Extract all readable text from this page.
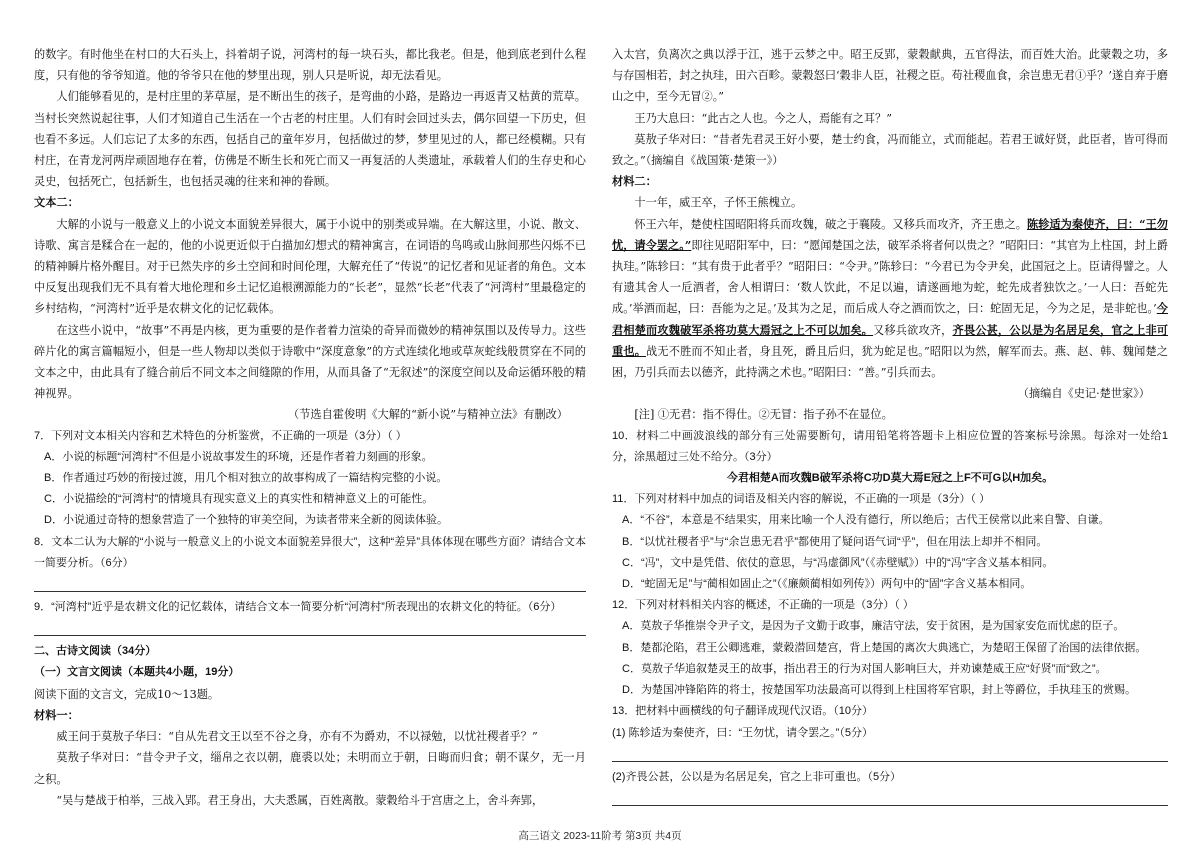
的数字。有时他坐在村口的大石头上，抖着胡子说，河湾村的每一块石头，都比我老。但是，他到底老到什么程度，只有他的爷爷知道。他的爷爷只在他的梦里出现，别人只是听说，却无法看见。

人们能够看见的，是村庄里的茅草屋，是不断出生的孩子，是弯曲的小路，是路边一再返青又枯黄的荒草。当村长突然说起往事，人们才知道自己生活在一个古老的村庄里。人们有时会回过头去，偶尔回望一下历史，但也看不多远。人们忘记了太多的东西，包括自己的童年岁月，包括做过的梦，梦里见过的人，都已经模糊。只有村庄，在青龙河两岸顽固地存在着，仿佛是不断生长和死亡而又一再复活的人类遗址，承载着人们的生存史和心灵史，包括死亡，包括新生，也包括灵魂的往来和神的眷顾。

文本二：

大解的小说与一般意义上的小说文本面貌差异很大，属于小说中的别类或异端。在大解这里，小说、散文、诗歌、寓言是糅合在一起的，他的小说更近似于白描加幻想式的精神寓言，在词语的鸟鸣或山脉间那些闪烁不已的精神瞬片格外醒目。对于已然失序的乡土空间和时间伦理，大解充任了“传说”的记忆者和见证者的角色。文本中反复出现我们无不具有着大地伦理和乡土记忆追根溯源能力的“长老”，显然“长老”代表了“河湾村”里最稳定的乡村结构，“河湾村”近乎是农耕文化的记忆载体。

在这些小说中，“故事”不再是内核，更为重要的是作者着力渲染的奇异而微妙的精神氛围以及传导力。这些碎片化的寓言篇幅短小，但是一些人物却以类似于诗歌中“深度意象”的方式连续化地或草灰蛇线般贯穿在不同的文本之中，由此具有了缝合前后不同文本之间缝隙的作用，从而具备了“无叙述”的深度空间以及命运循环般的精神视界。

（节选自霍俊明《大解的“新小说”与精神立法》有删改）

7．下列对文本相关内容和艺术特色的分析鉴赏，不正确的一项是（3分）（ ）

A．小说的标题“河湾村”不但是小说故事发生的环境，还是作者着力刻画的形象。

B．作者通过巧妙的衔接过渡，用几个相对独立的故事构成了一篇结构完整的小说。

C．小说描绘的“河湾村”的情境具有现实意义上的真实性和精神意义上的可能性。

D．小说通过奇特的想象营造了一个独特的审美空间，为读者带来全新的阅读体验。

8．文本二认为大解的“小说与一般意义上的小说文本面貌差异很大”，这种“差异”具体体现在哪些方面？请结合文本一简要分析。（6分）

9．“河湾村”近乎是农耕文化的记忆载体，请结合文本一简要分析“河湾村”所表现出的农耕文化的特征。（6分）

二、古诗文阅读（34分）

（一）文言文阅读（本题共4小题，19分）

阅读下面的文言文，完成10～13题。

材料一：

威王问于莫敖子华曰：“自从先君文王以至不谷之身，亦有不为爵劝，不以禄勉，以忧社稷者乎？”

莫敖子华对曰：“昔令尹子文，缁帛之衣以朝，鹿裘以处；未明而立于朝，日晦而归食；朝不谋夕，无一月之积。

“吴与楚战于柏举，三战入郢。君王身出，大夫悉属，百姓离散。蒙穀给斗于宫唐之上，舍斗奔郢，

入太宫，负离次之典以浮于江，逃于云梦之中。昭王反郢，蒙穀献典，五官得法，而百姓大治。此蒙穀之功，多与存国相若，封之执珪，田六百畛。蒙穀怒曰‘穀非人臣，社稷之臣。苟社稷血食，余岂患无君①乎？’遂自弃于磨山之中，至今无冒②。”

王乃大息曰：“此古之人也。今之人，焉能有之耳？”

莫敖子华对曰：“昔者先君灵王好小要，楚士约食，冯而能立，式而能起。若君王诚好贤，此臣者，皆可得而致之。”（摘编自《战国策·楚策一》）

材料二：

十一年，威王卒，子怀王熊槐立。

怀王六年，楚使柱国昭阳将兵而攻魏，破之于襄陵。又移兵而攻齐，齐王患之。陈轸适为秦使齐，曰：“王勿忧，请令罢之。”即往见昭阳军中，曰：“愿闻楚国之法，破军杀将者何以贵之？”昭阳曰：“其官为上柱国，封上爵执珪。”陈轸曰：“其有贵于此者乎？”昭阳曰：“令尹。”陈轸曰：“今君已为令尹矣，此国冠之上。臣请得譬之。人有遗其舍人一卮酒者，舍人相谓曰：‘数人饮此，不足以遍，请遂画地为蛇，蛇先成者独饮之。’一人曰：吾蛇先成。’举酒而起，曰：吾能为之足。’及其为之足，而后成人夺之酒而饮之，曰：蛇固无足，今为之足，是非蛇也。’今君相楚而攻魏破军杀将功莫大焉冠之上不可以加矣。又移兵欲攻齐，齐畏公甚，公以是为名居足矣，官之上非可重也。战无不胜而不知止者，身且死，爵且后归，犹为蛇足也。”昭阳以为然，解军而去。燕、赵、韩、魏闻楚之困，乃引兵而去以德齐，此持满之术也。”昭阳曰：“善。”引兵而去。

（摘编自《史记·楚世家》）

[注] ①无君：指不得仕。②无冒：指子孙不在显位。

10．材料二中画波浪线的部分有三处需要断句，请用铅笔将答题卡上相应位置的答案标号涂黑。每涂对一处给1分，涂黑超过三处不给分。（3分）

今君相楚A而攻魏B破军杀将C功D莫大焉E冠之上F不可G以H加矣。

11．下列对材料中加点的词语及相关内容的解说，不正确的一项是（3分）（ ）

A．“不谷”，本意是不结果实，用来比喻一个人没有德行，所以绝后；古代王侯常以此来自警、自谦。

B．“以忧社稷者乎”与“余岂患无君乎”都使用了疑问语气词“乎”，但在用法上却并不相同。

C．“冯”，文中是凭借、依仗的意思，与“冯虚御风”（《赤壁赋》）中的“冯”字含义基本相同。

D．“蛇固无足”与“蔺相如固止之”（《廉颇蔺相如列传》）两句中的“固”字含义基本相同。

12．下列对材料相关内容的概述，不正确的一项是（3分）（ ）

A．莫敖子华推崇令尹子文，是因为子文勤于政事，廉洁守法，安于贫困，是为国家安危而忧虑的臣子。

B．楚都沦陷，君王公卿逃难，蒙穀潜回楚宫，背上楚国的离次大典逃亡，为楚昭王保留了治国的法律依据。

C．莫敖子华追叙楚灵王的故事，指出君王的行为对国人影响巨大，并劝谏楚威王应“好贤”而“致之”。

D．为楚国冲锋陷阵的将士，按楚国军功法最高可以得到上柱国将军官职，封上等爵位，手执珪玉的赏赐。

13．把材料中画横线的句子翻译成现代汉语。（10分）

(1) 陈轸适为秦使齐，曰：“王勿忧，请令罢之。”（5分）

(2)齐畏公甚，公以是为名居足矣，官之上非可重也。（5分）

高三语文 2023-11阶考 第3页 共4页
